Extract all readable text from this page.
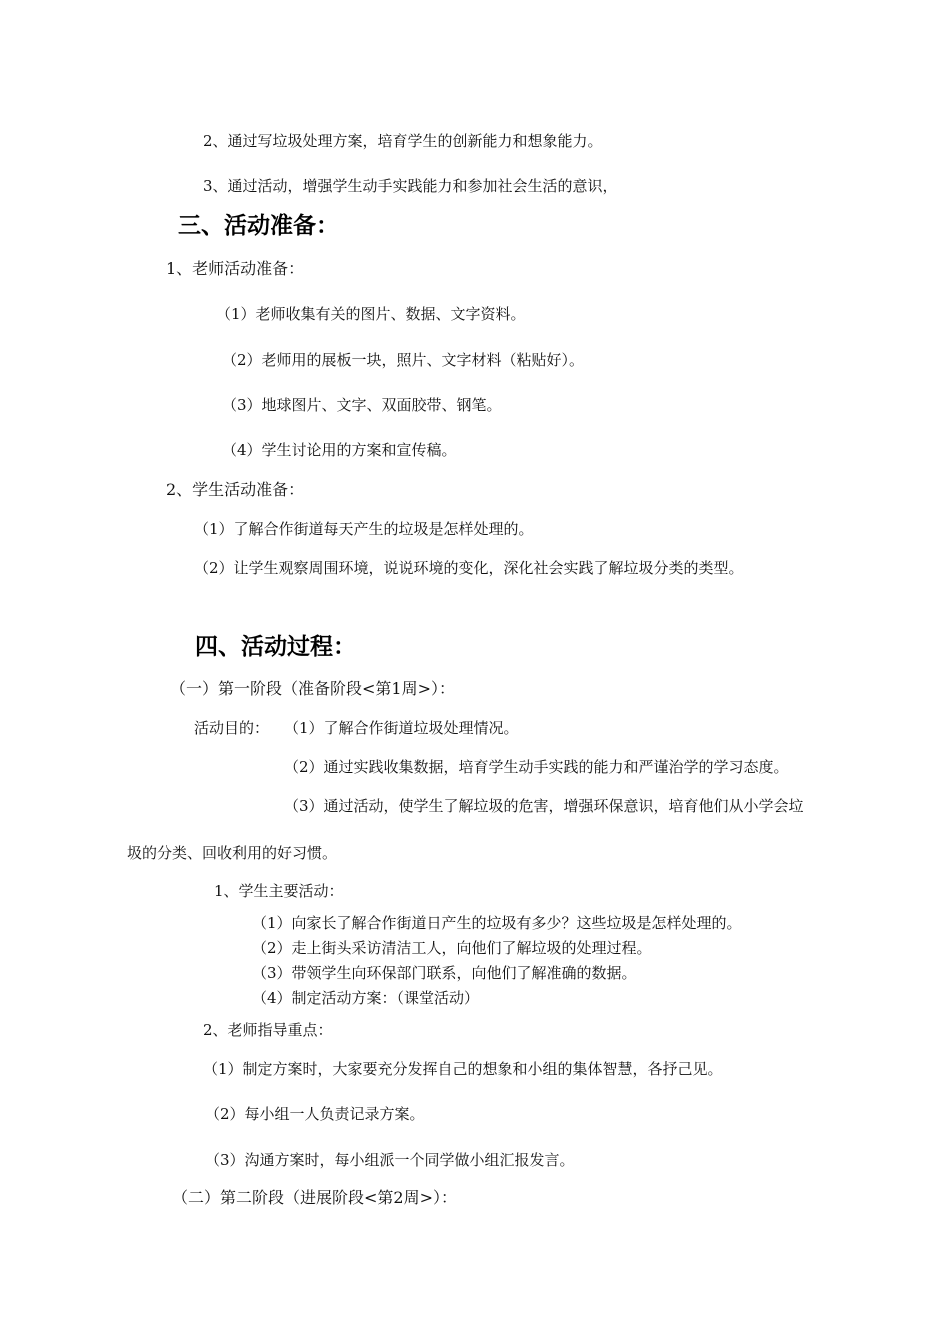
2、通过写垃圾处理方案，培育学生的创新能力和想象能力。
3、通过活动，增强学生动手实践能力和参加社会生活的意识，
三、活动准备：
1、老师活动准备：
（1）老师收集有关的图片、数据、文字资料。
（2）老师用的展板一块，照片、文字材料（粘贴好）。
（3）地球图片、文字、双面胶带、钢笔。
（4）学生讨论用的方案和宣传稿。
2、学生活动准备：
（1）了解合作街道每天产生的垃圾是怎样处理的。
（2）让学生观察周围环境，说说环境的变化，深化社会实践了解垃圾分类的类型。
四、活动过程：
（一）第一阶段（准备阶段<第1周>）：
活动目的： （1）了解合作街道垃圾处理情况。
（2）通过实践收集数据，培育学生动手实践的能力和严谨治学的学习态度。
（3）通过活动，使学生了解垃圾的危害，增强环保意识，培育他们从小学会垃
圾的分类、回收利用的好习惯。
1、学生主要活动：
（1）向家长了解合作街道日产生的垃圾有多少？这些垃圾是怎样处理的。
（2）走上街头采访清洁工人，向他们了解垃圾的处理过程。
（3）带领学生向环保部门联系，向他们了解准确的数据。
（4）制定活动方案：（课堂活动）
2、老师指导重点：
（1）制定方案时，大家要充分发挥自己的想象和小组的集体智慧，各抒己见。
（2）每小组一人负责记录方案。
（3）沟通方案时，每小组派一个同学做小组汇报发言。
（二）第二阶段（进展阶段<第2周>）：
